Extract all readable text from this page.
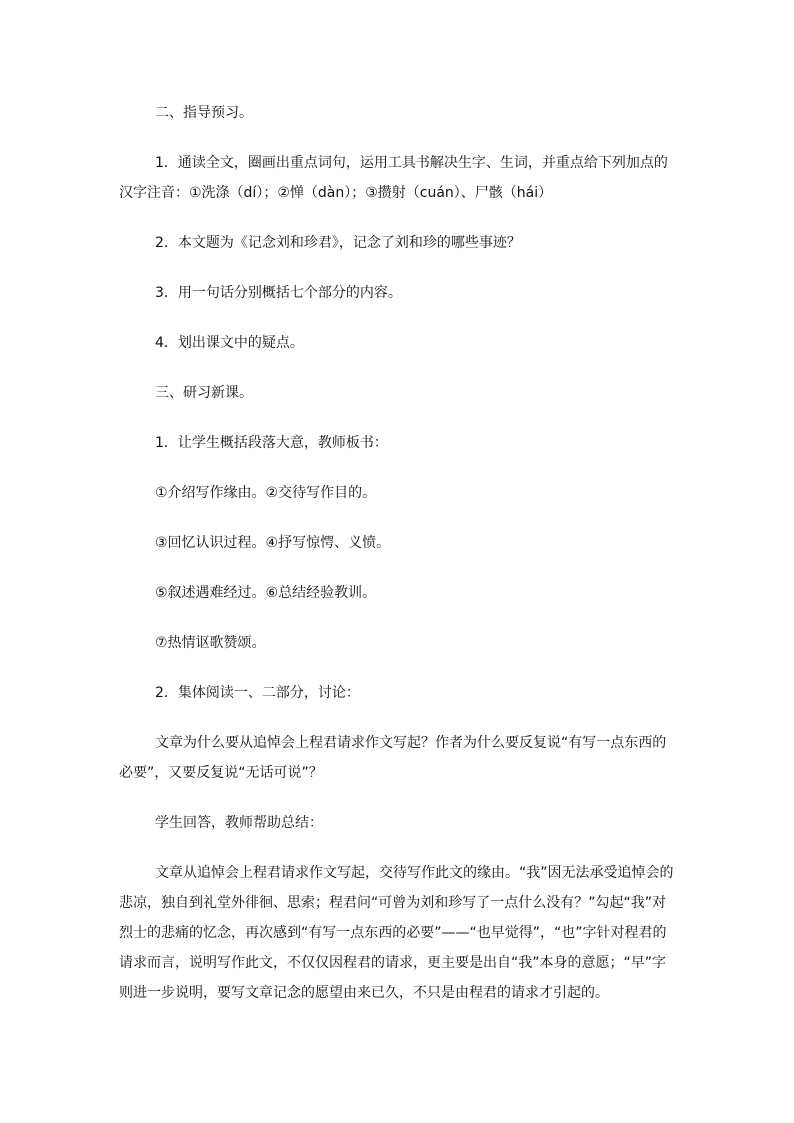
二、指导预习。

1．通读全文，圈画出重点词句，运用工具书解决生字、生词，并重点给下列加点的汉字注音：①洗涤（dí）；②惮（dàn）；③攒射（cuán）、尸骸（hái）

2．本文题为《记念刘和珍君》，记念了刘和珍的哪些事迹？

3．用一句话分别概括七个部分的内容。

4．划出课文中的疑点。

三、研习新课。

1．让学生概括段落大意，教师板书：

①介绍写作缘由。②交待写作目的。

③回忆认识过程。④抒写惊愕、义愤。

⑤叙述遇难经过。⑥总结经验教训。

⑦热情讴歌赞颂。

2．集体阅读一、二部分，讨论：

文章为什么要从追悼会上程君请求作文写起？作者为什么要反复说“有写一点东西的必要”，又要反复说“无话可说”？

学生回答，教师帮助总结：

文章从追悼会上程君请求作文写起，交待写作此文的缘由。“我”因无法承受追悼会的悲凉，独自到礼堂外徘徊、思索；程君问“可曾为刘和珍写了一点什么没有？”勾起“我”对烈士的悲痛的忆念，再次感到“有写一点东西的必要”——“也早觉得”，“也”字针对程君的请求而言，说明写作此文，不仅仅因程君的请求，更主要是出自“我”本身的意愿；“早”字则进一步说明，要写文章记念的愿望由来已久，不只是由程君的请求才引起的。
